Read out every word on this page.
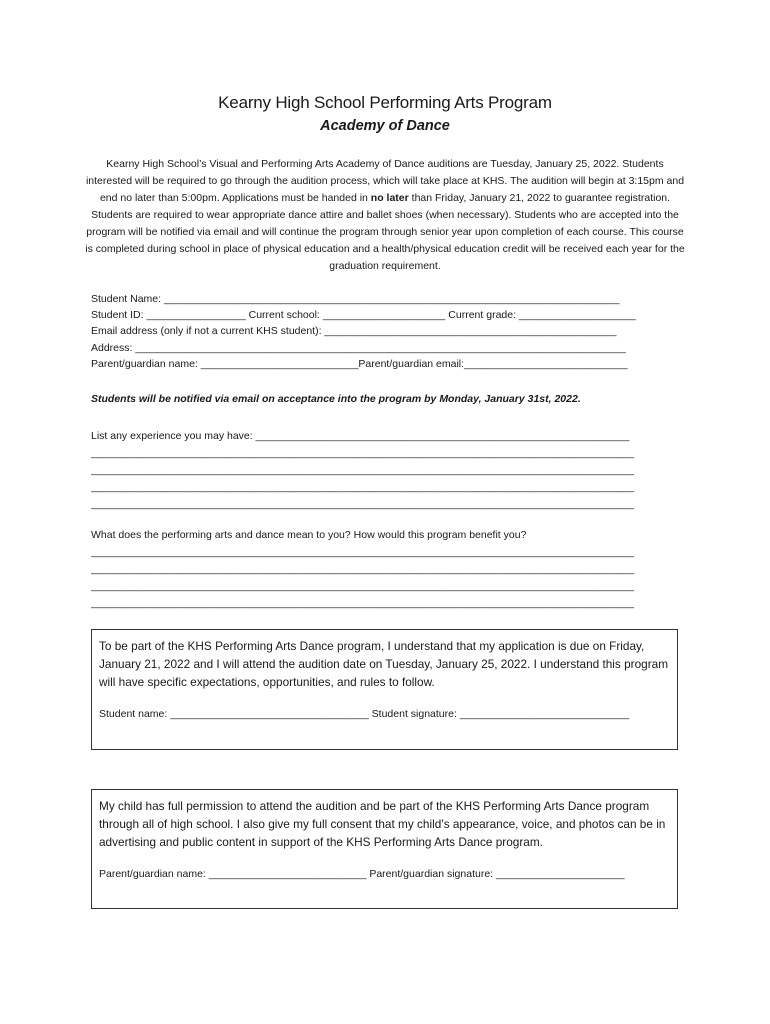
Kearny High School Performing Arts Program
Academy of Dance
Kearny High School’s Visual and Performing Arts Academy of Dance auditions are Tuesday, January 25, 2022. Students interested will be required to go through the audition process, which will take place at KHS. The audition will begin at 3:15pm and end no later than 5:00pm. Applications must be handed in no later than Friday, January 21, 2022 to guarantee registration. Students are required to wear appropriate dance attire and ballet shoes (when necessary). Students who are accepted into the program will be notified via email and will continue the program through senior year upon completion of each course. This course is completed during school in place of physical education and a health/physical education credit will be received each year for the graduation requirement.
Student Name: ______________________________________________________________________________
Student ID: _________________ Current school: _____________________ Current grade: ____________________
Email address (only if not a current KHS student): __________________________________________________
Address: ____________________________________________________________________________________
Parent/guardian name: ___________________________Parent/guardian email:____________________________
Students will be notified via email on acceptance into the program by Monday, January 31st, 2022.
List any experience you may have: ________________________________________________________________
_____________________________________________________________________________________________
_____________________________________________________________________________________________
_____________________________________________________________________________________________
_____________________________________________________________________________________________
What does the performing arts and dance mean to you? How would this program benefit you?
_____________________________________________________________________________________________
_____________________________________________________________________________________________
_____________________________________________________________________________________________
_____________________________________________________________________________________________
To be part of the KHS Performing Arts Dance program, I understand that my application is due on Friday, January 21, 2022 and I will attend the audition date on Tuesday, January 25, 2022. I understand this program will have specific expectations, opportunities, and rules to follow.
Student name: __________________________________ Student signature: _____________________________
My child has full permission to attend the audition and be part of the KHS Performing Arts Dance program through all of high school. I also give my full consent that my child’s appearance, voice, and photos can be in advertising and public content in support of the KHS Performing Arts Dance program.
Parent/guardian name: ___________________________ Parent/guardian signature: ______________________
